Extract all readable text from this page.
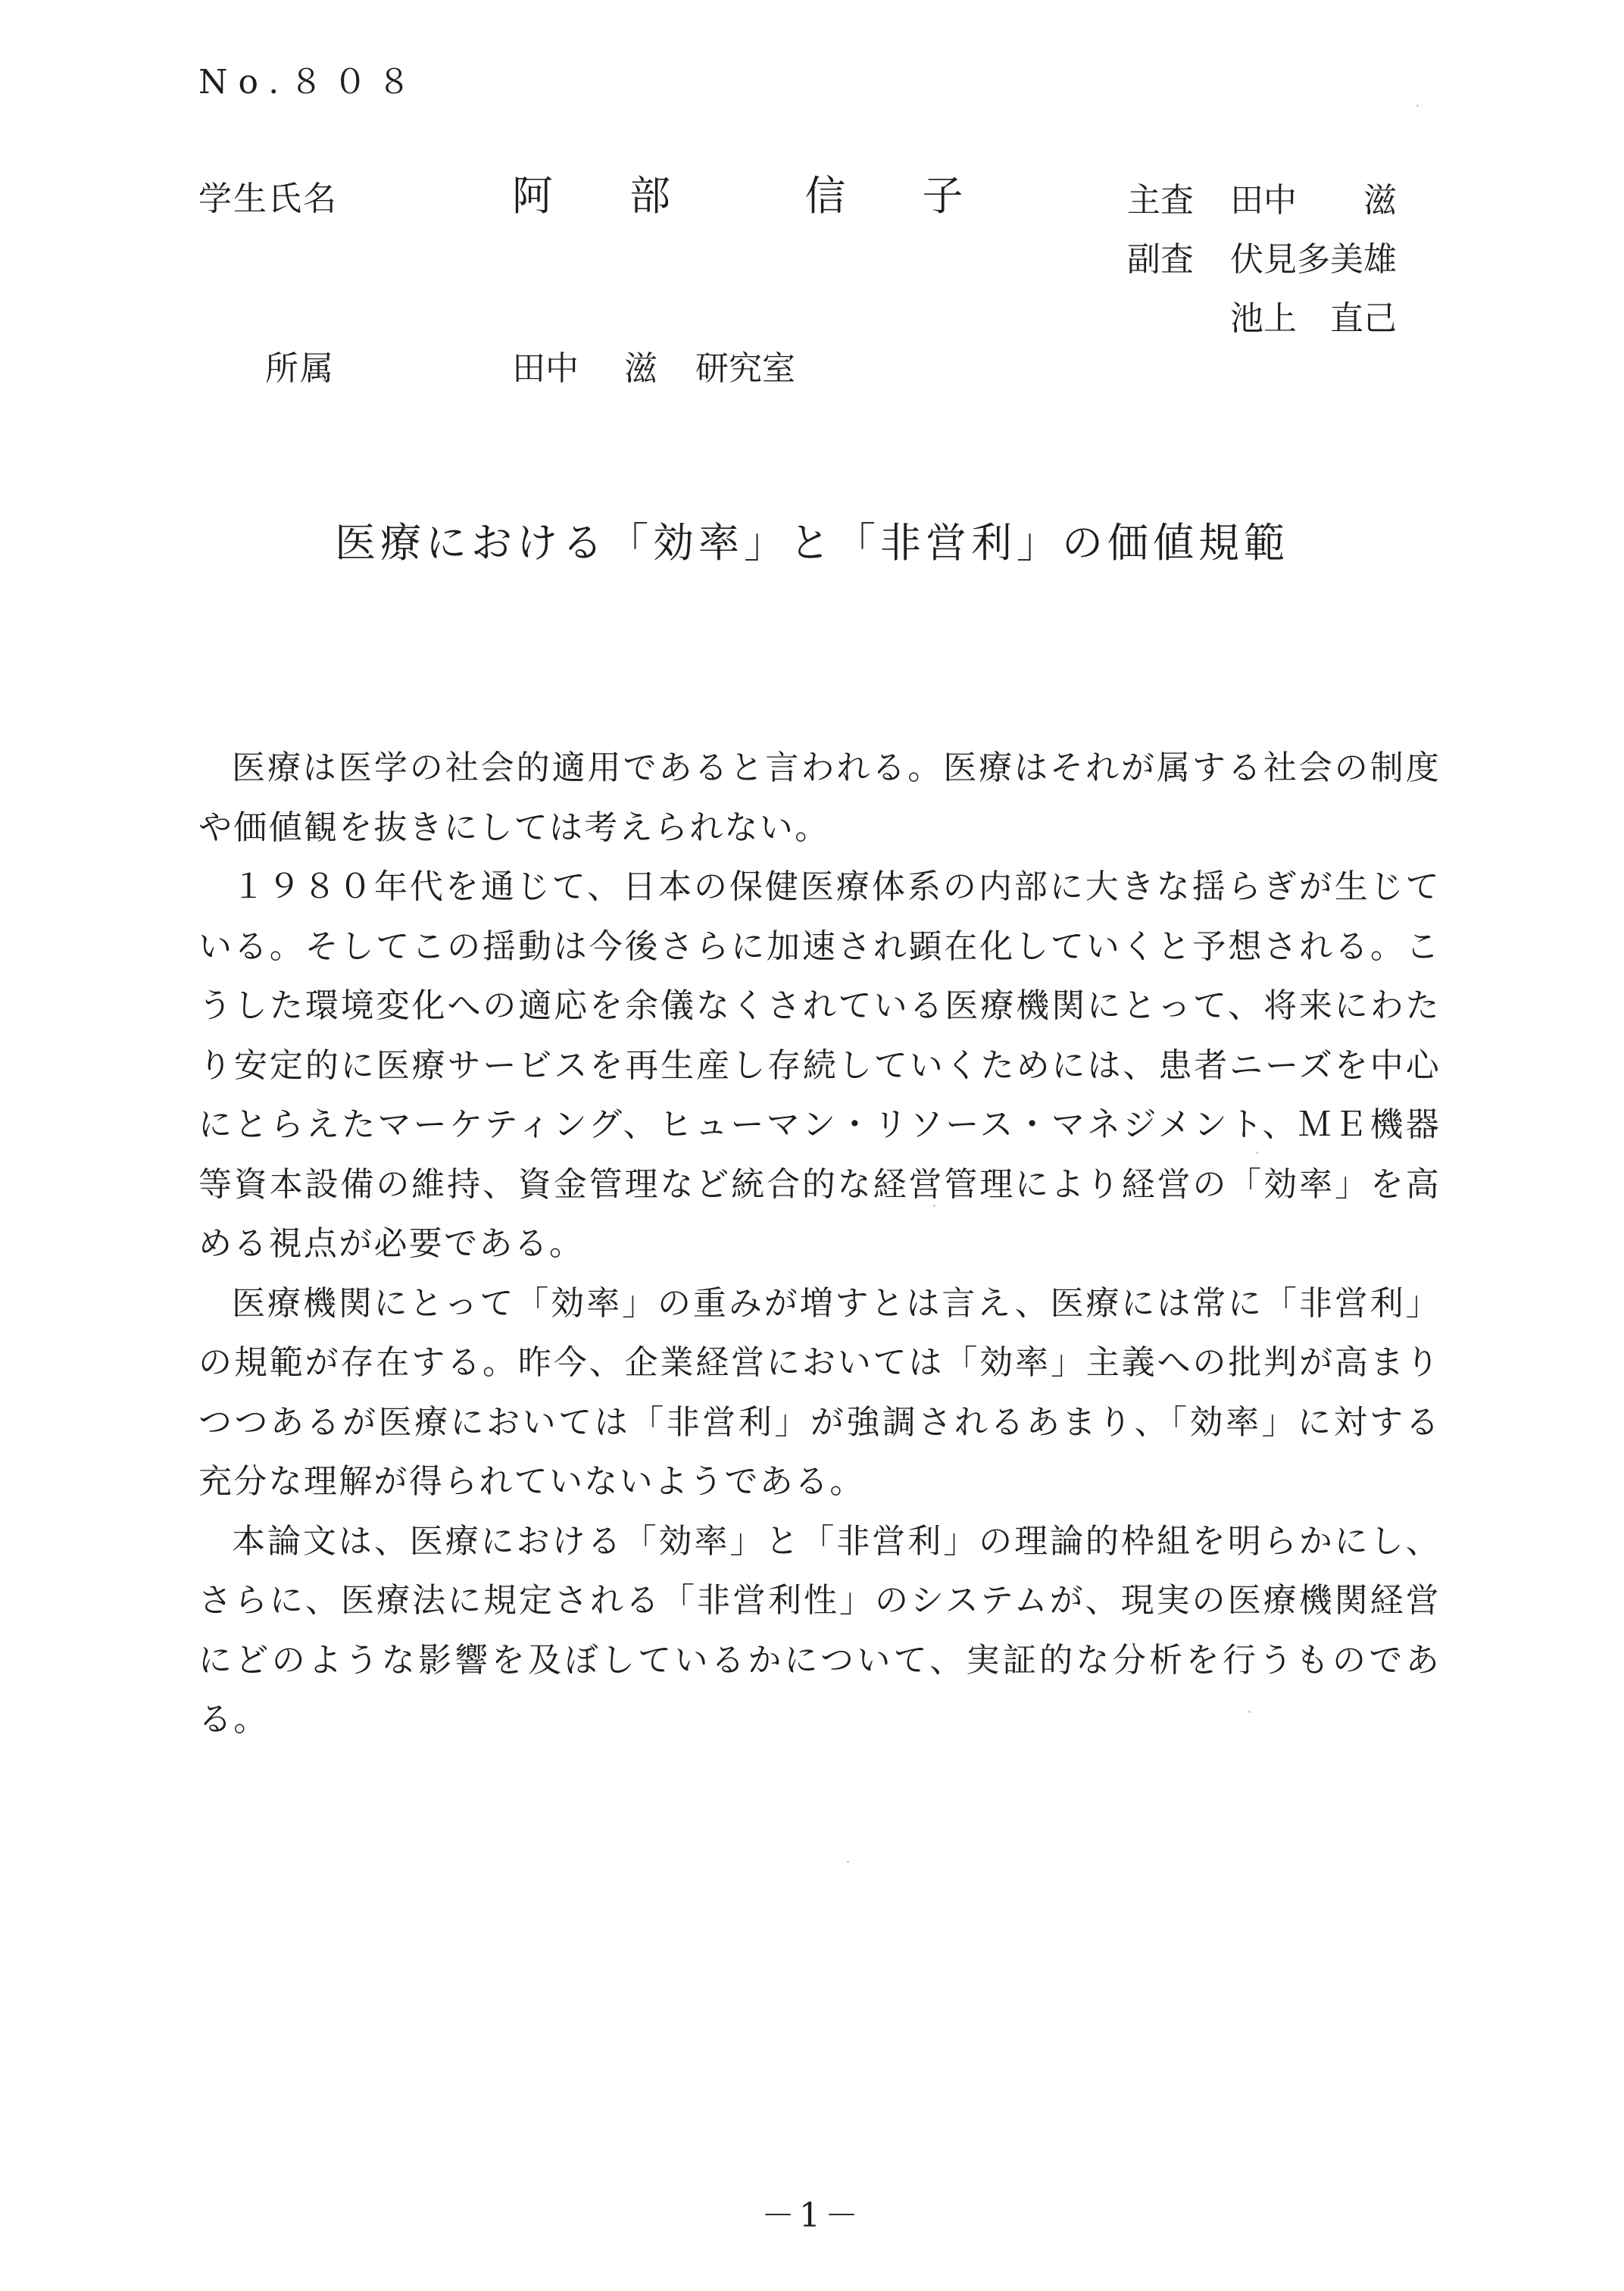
No.８０８
学生氏名	阿 部　 信 子	主査 田中　　滋
副査 伏見多美雄
池上　直己
所属	田中 滋 研究室
医療における「効率」と「非営利」の価値規範

医療は医学の社会的適用であると言われる。医療はそれが属する社会の制度や価値観を抜きにしては考えられない。

１９８０年代を通じて、日本の保健医療体系の内部に大きな揺らぎが生じている。そしてこの揺動は今後さらに加速され顕在化していくと予想される。こうした環境変化への適応を余儀なくされている医療機関にとって、将来にわたり安定的に医療サービスを再生産し存続していくためには、患者ニーズを中心にとらえたマーケティング、ヒューマン・リソース・マネジメント、ＭＥ機器等資本設備の維持、資金管理など統合的な経営管理により経営の「効率」を高める視点が必要である。

医療機関にとって「効率」の重みが増すとは言え、医療には常に「非営利」の規範が存在する。昨今、企業経営においては「効率」主義への批判が高まりつつあるが医療においては「非営利」が強調されるあまり、「効率」に対する充分な理解が得られていないようである。

本論文は、医療における「効率」と「非営利」の理論的枠組を明らかにし、さらに、医療法に規定される「非営利性」のシステムが、現実の医療機関経営にどのような影響を及ぼしているかについて、実証的な分析を行うものである。

－1－
